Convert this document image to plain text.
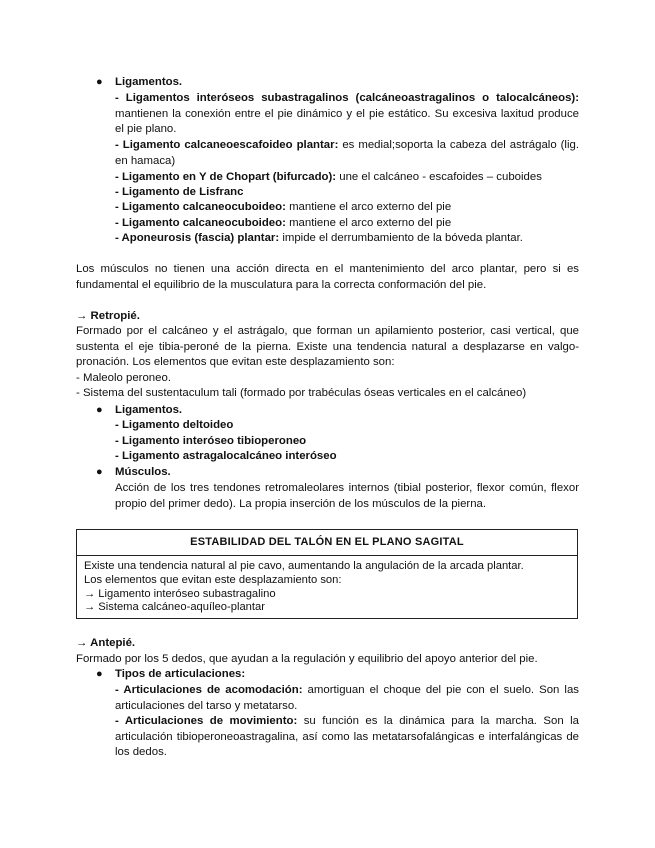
● Ligamentos.
- Ligamentos interóseos subastragalinos (calcáneoastragalinos o talocalcáneos): mantienen la conexión entre el pie dinámico y el pie estático. Su excesiva laxitud produce el pie plano.
- Ligamento calcaneoescafoideo plantar: es medial;soporta la cabeza del astrágalo (lig. en hamaca)
- Ligamento en Y de Chopart (bifurcado): une el calcáneo - escafoides – cuboides
- Ligamento de Lisfranc
- Ligamento calcaneocuboideo: mantiene el arco externo del pie
- Ligamento calcaneocuboideo: mantiene el arco externo del pie
- Aponeurosis (fascia) plantar: impide el derrumbamiento de la bóveda plantar.
Los músculos no tienen una acción directa en el mantenimiento del arco plantar, pero si es fundamental el equilibrio de la musculatura para la correcta conformación del pie.
→ Retropié.
Formado por el calcáneo y el astrágalo, que forman un apilamiento posterior, casi vertical, que sustenta el eje tibia-peroné de la pierna. Existe una tendencia natural a desplazarse en valgo-pronación. Los elementos que evitan este desplazamiento son:
- Maleolo peroneo.
- Sistema del sustentaculum tali (formado por trabéculas óseas verticales en el calcáneo)
● Ligamentos.
- Ligamento deltoideo
- Ligamento interóseo tibioperoneo
- Ligamento astragalocalcáneo interóseo
● Músculos.
Acción de los tres tendones retromaleolares internos (tibial posterior, flexor común, flexor propio del primer dedo). La propia inserción de los músculos de la pierna.
ESTABILIDAD DEL TALÓN EN EL PLANO SAGITAL
Existe una tendencia natural al pie cavo, aumentando la angulación de la arcada plantar.
Los elementos que evitan este desplazamiento son:
→ Ligamento interóseo subastragalino
→ Sistema calcáneo-aquíleo-plantar
→ Antepié.
Formado por los 5 dedos, que ayudan a la regulación y equilibrio del apoyo anterior del pie.
● Tipos de articulaciones:
- Articulaciones de acomodación: amortiguan el choque del pie con el suelo. Son las articulaciones del tarso y metatarso.
- Articulaciones de movimiento: su función es la dinámica para la marcha. Son la articulación tibioperoneoastragalina, así como las metatarsofalángicas e interfalángicas de los dedos.
